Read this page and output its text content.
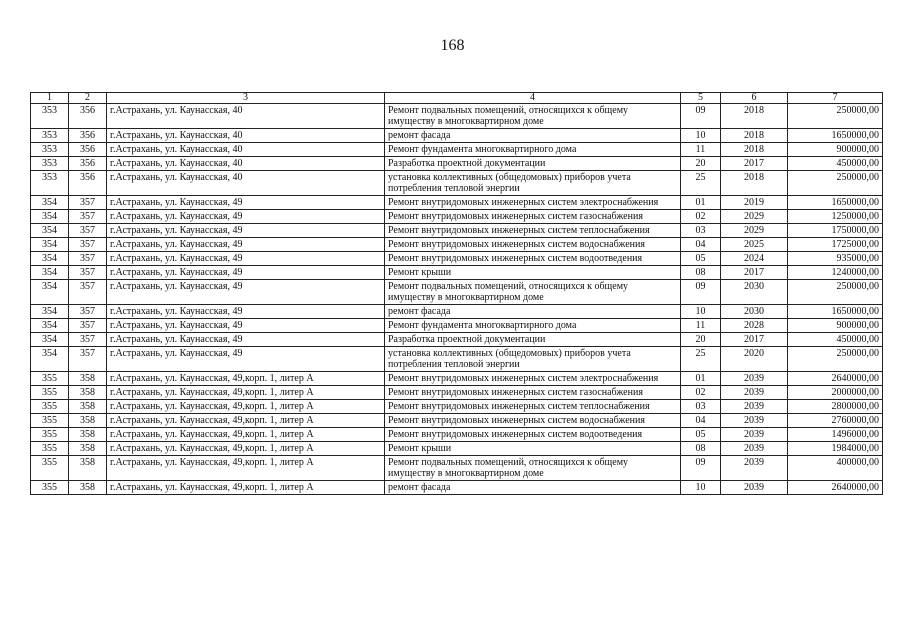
168
1	2	3	4	5	6	7
353	356	г.Астрахань, ул. Каунасская, 40	Ремонт подвальных помещений, относящихся к общему имуществу в многоквартирном доме	09	2018	250000,00
353	356	г.Астрахань, ул. Каунасская, 40	ремонт фасада	10	2018	1650000,00
353	356	г.Астрахань, ул. Каунасская, 40	Ремонт фундамента многоквартирного дома	11	2018	900000,00
353	356	г.Астрахань, ул. Каунасская, 40	Разработка проектной документации	20	2017	450000,00
353	356	г.Астрахань, ул. Каунасская, 40	установка коллективных (общедомовых) приборов учета потребления тепловой энергии	25	2018	250000,00
354	357	г.Астрахань, ул. Каунасская, 49	Ремонт внутридомовых инженерных систем электроснабжения	01	2019	1650000,00
354	357	г.Астрахань, ул. Каунасская, 49	Ремонт внутридомовых инженерных систем газоснабжения	02	2029	1250000,00
354	357	г.Астрахань, ул. Каунасская, 49	Ремонт внутридомовых инженерных систем теплоснабжения	03	2029	1750000,00
354	357	г.Астрахань, ул. Каунасская, 49	Ремонт внутридомовых инженерных систем водоснабжения	04	2025	1725000,00
354	357	г.Астрахань, ул. Каунасская, 49	Ремонт внутридомовых инженерных систем водоотведения	05	2024	935000,00
354	357	г.Астрахань, ул. Каунасская, 49	Ремонт крыши	08	2017	1240000,00
354	357	г.Астрахань, ул. Каунасская, 49	Ремонт подвальных помещений, относящихся к общему имуществу в многоквартирном доме	09	2030	250000,00
354	357	г.Астрахань, ул. Каунасская, 49	ремонт фасада	10	2030	1650000,00
354	357	г.Астрахань, ул. Каунасская, 49	Ремонт фундамента многоквартирного дома	11	2028	900000,00
354	357	г.Астрахань, ул. Каунасская, 49	Разработка проектной документации	20	2017	450000,00
354	357	г.Астрахань, ул. Каунасская, 49	установка коллективных (общедомовых) приборов учета потребления тепловой энергии	25	2020	250000,00
355	358	г.Астрахань, ул. Каунасская, 49,корп. 1, литер А	Ремонт внутридомовых инженерных систем электроснабжения	01	2039	2640000,00
355	358	г.Астрахань, ул. Каунасская, 49,корп. 1, литер А	Ремонт внутридомовых инженерных систем газоснабжения	02	2039	2000000,00
355	358	г.Астрахань, ул. Каунасская, 49,корп. 1, литер А	Ремонт внутридомовых инженерных систем теплоснабжения	03	2039	2800000,00
355	358	г.Астрахань, ул. Каунасская, 49,корп. 1, литер А	Ремонт внутридомовых инженерных систем водоснабжения	04	2039	2760000,00
355	358	г.Астрахань, ул. Каунасская, 49,корп. 1, литер А	Ремонт внутридомовых инженерных систем водоотведения	05	2039	1496000,00
355	358	г.Астрахань, ул. Каунасская, 49,корп. 1, литер А	Ремонт крыши	08	2039	1984000,00
355	358	г.Астрахань, ул. Каунасская, 49,корп. 1, литер А	Ремонт подвальных помещений, относящихся к общему имуществу в многоквартирном доме	09	2039	400000,00
355	358	г.Астрахань, ул. Каунасская, 49,корп. 1, литер А	ремонт фасада	10	2039	2640000,00
